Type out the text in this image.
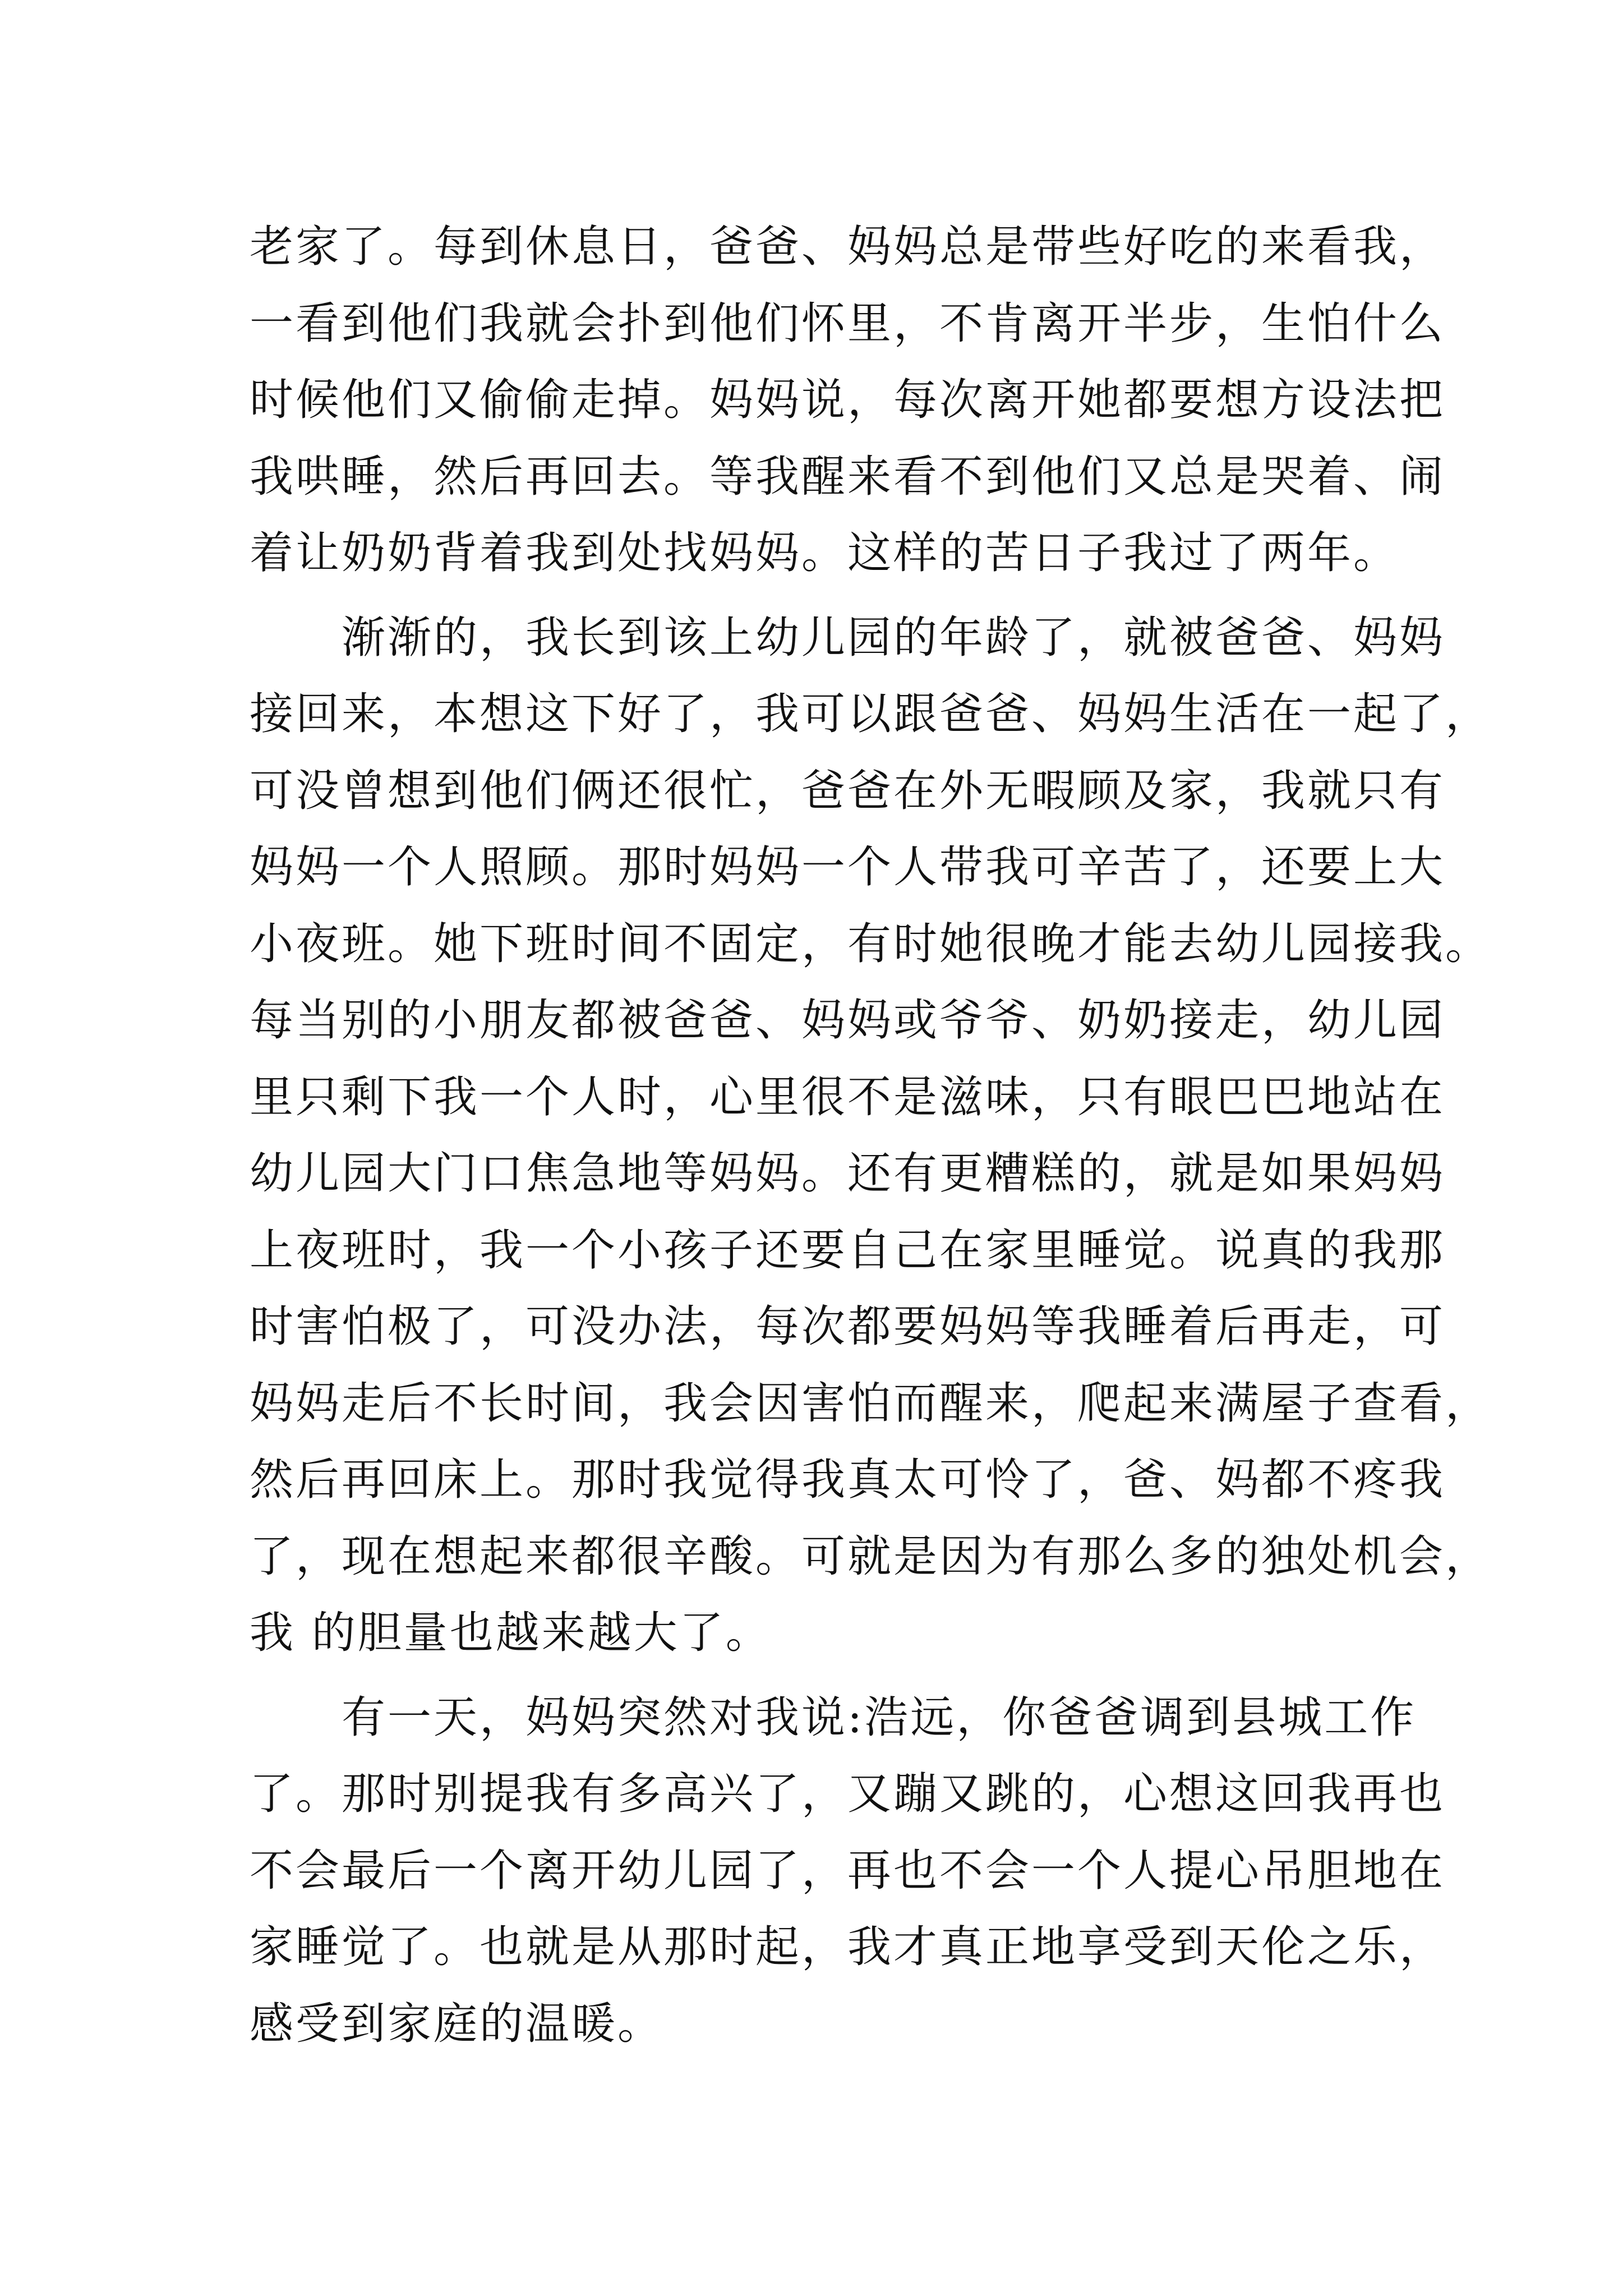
老家了。每到休息日，爸爸、妈妈总是带些好吃的来看我，
一看到他们我就会扑到他们怀里，不肯离开半步，生怕什么
时候他们又偷偷走掉。妈妈说，每次离开她都要想方设法把
我哄睡，然后再回去。等我醒来看不到他们又总是哭着、闹
着让奶奶背着我到处找妈妈。这样的苦日子我过了两年。
　　渐渐的，我长到该上幼儿园的年龄了，就被爸爸、妈妈
接回来，本想这下好了，我可以跟爸爸、妈妈生活在一起了，
可没曾想到他们俩还很忙，爸爸在外无暇顾及家，我就只有
妈妈一个人照顾。那时妈妈一个人带我可辛苦了，还要上大
小夜班。她下班时间不固定，有时她很晚才能去幼儿园接我。
每当别的小朋友都被爸爸、妈妈或爷爷、奶奶接走，幼儿园
里只剩下我一个人时，心里很不是滋味，只有眼巴巴地站在
幼儿园大门口焦急地等妈妈。还有更糟糕的，就是如果妈妈
上夜班时，我一个小孩子还要自己在家里睡觉。说真的我那
时害怕极了，可没办法，每次都要妈妈等我睡着后再走，可
妈妈走后不长时间，我会因害怕而醒来，爬起来满屋子查看，
然后再回床上。那时我觉得我真太可怜了，爸、妈都不疼我
了，现在想起来都很辛酸。可就是因为有那么多的独处机会，
我 的胆量也越来越大了。
　　有一天，妈妈突然对我说:浩远，你爸爸调到县城工作
了。那时别提我有多高兴了，又蹦又跳的，心想这回我再也
不会最后一个离开幼儿园了，再也不会一个人提心吊胆地在
家睡觉了。也就是从那时起，我才真正地享受到天伦之乐，
感受到家庭的温暖。
